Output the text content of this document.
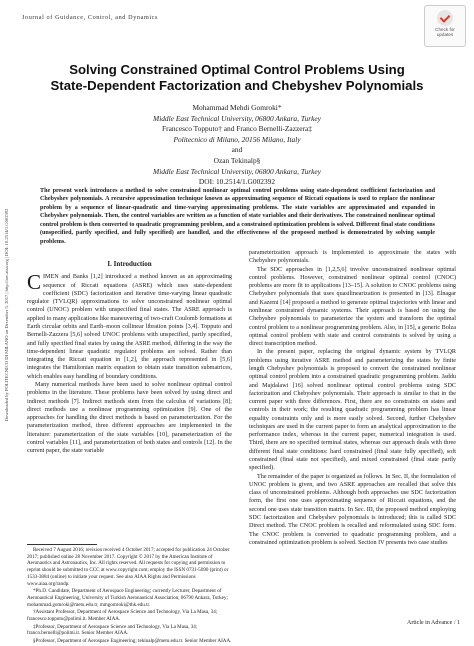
Downloaded by POLITECNICO DI MILANO on December 5, 2017 | http://arc.aiaa.org | DOI: 10.2514/1.G002392
Journal of Guidance, Control, and Dynamics
Check for
updates
Solving Constrained Optimal Control Problems Using
State-Dependent Factorization and Chebyshev Polynomials
Mohammad Mehdi Gomroki*
Middle East Technical University, 06800 Ankara, Turkey
Francesco Topputo† and Franco Bernelli-Zazzera‡
Politecnico di Milano, 20156 Milano, Italy
and
Ozan Tekinalp§
Middle East Technical University, 06800 Ankara, Turkey
DOI: 10.2514/1.G002392
The present work introduces a method to solve constrained nonlinear optimal control problems using state-dependent coefficient factorization and Chebyshev polynomials. A recursive approximation technique known as approximating sequence of Riccati equations is used to replace the nonlinear problem by a sequence of linear-quadratic and time-varying approximating problems. The state variables are approximated and expanded in Chebyshev polynomials. Then, the control variables are written as a function of state variables and their derivatives. The constrained nonlinear optimal control problem is then converted to quadratic programming problem, and a constrained optimization problem is solved. Different final state conditions (unspecified, partly specified, and fully specified) are handled, and the effectiveness of the proposed method is demonstrated by solving sample problems.
I. Introduction

CIMEN and Banks [1,2] introduced a method known as an approximating sequence of Riccati equations (ASRE) which uses state-dependent coefficient (SDC) factorization and iterative time-varying linear quadratic regulator (TVLQR) approximations to solve unconstrained nonlinear optimal control (UNOC) problem with unspecified final states. The ASRE approach is applied to many applications like maneuvering of two-craft Coulomb formations at Earth circular orbits and Earth–moon collinear libration points [3,4]. Topputo and Bernelli-Zazzera [5,6] solved UNOC problems with unspecified, partly specified, and fully specified final states by using the ASRE method, differing in the way the time-dependent linear quadratic regulator problems are solved. Rather than integrating the Riccati equation in [1,2], the approach represented in [5,6] integrates the Hamiltonian matrix equation to obtain state transition submatrices, which enables easy handling of boundary conditions.

Many numerical methods have been used to solve nonlinear optimal control problems in the literature. These problems have been solved by using direct and indirect methods [7]. Indirect methods stem from the calculus of variations [8]; direct methods use a nonlinear programming optimization [9]. One of the approaches for handling the direct methods is based on parameterization. For the parameterization method, three different approaches are implemented in the literature: parameterization of the state variables [10], parameterization of the control variables [11], and parameterization of both states and controls [12]. In the current paper, the state variable

Received 7 August 2016; revision received 4 October 2017; accepted for publication 24 October 2017; published online 28 November 2017. Copyright © 2017 by the American Institute of Aeronautics and Astronautics, Inc. All rights reserved. All requests for copying and permission to reprint should be submitted to CCC at www.copyright.com; employ the ISSN 0731-5090 (print) or 1533-3884 (online) to initiate your request. See also AIAA Rights and Permissions www.aiaa.org/randp.

*Ph.D. Candidate, Department of Aerospace Engineering; currently Lecturer, Department of Aeronautical Engineering, University of Turkish Aeronautical Association, 06790 Ankara, Turkey; mohammad.gomroki@metu.edu.tr, mmgomroki@thk.edu.tr.

†Assistant Professor, Department of Aerospace Science and Technology, Via La Masa, 34; francesco.topputo@polimi.it. Member AIAA.

‡Professor, Department of Aerospace Science and Technology, Via La Masa, 34; franco.bernelli@polimi.it. Senior Member AIAA.

§Professor, Department of Aerospace Engineering; tekinalp@metu.edu.tr. Senior Member AIAA.

parameterization approach is implemented to approximate the states with Chebyshev polynomials.

The SDC approaches in [1,2,5,6] involve unconstrained nonlinear optimal control problems. However, constrained nonlinear optimal control (CNOC) problems are more fit to applications [13–15]. A solution to CNOC problems using Chebyshev polynomials that uses quasilinearization is presented in [13]. Elnagar and Kazemi [14] proposed a method to generate optimal trajectories with linear and nonlinear constrained dynamic systems. Their approach is based on using the Chebyshev polynomials to parameterize the system and transform the optimal control problem to a nonlinear programming problem. Also, in [15], a generic Bolza optimal control problem with state and control constraints is solved by using a direct transcription method.

In the present paper, replacing the original dynamic system by TVLQR problems using iterative ASRE method and parameterizing the states by finite length Chebyshev polynomials is proposed to convert the constrained nonlinear optimal control problem into a constrained quadratic programming problem. Jaddu and Majdalawi [16] solved nonlinear optimal control problems using SDC factorization and Chebyshev polynomials. Their approach is similar to that in the current paper with three differences. First, there are no constraints on states and controls in their work; the resulting quadratic programming problem has linear equality constraints only and is more easily solved. Second, further Chebyshev techniques are used in the current paper to form an analytical approximation to the performance index, whereas in the current paper, numerical integration is used. Third, there are no specified terminal states, whereas our approach deals with three different final state conditions: hard constrained (final state fully specified), soft constrained (final state not specified), and mixed constrained (final state partly specified).

The remainder of the paper is organized as follows. In Sec. II, the formulation of UNOC problem is given, and two ASRE approaches are recalled that solve this class of unconstrained problems. Although both approaches use SDC factorization form, the first one uses approximating sequence of Riccati equations, and the second one uses state transition matrix. In Sec. III, the proposed method employing SDC factorization and Chebyshev polynomials is introduced; this is called SDC Direct method. The CNOC problem is recalled and reformulated using SDC form. The CNOC problem is converted to quadratic programming problem, and a constrained optimization problem is solved. Section IV presents two case studies

Article in Advance / 1
